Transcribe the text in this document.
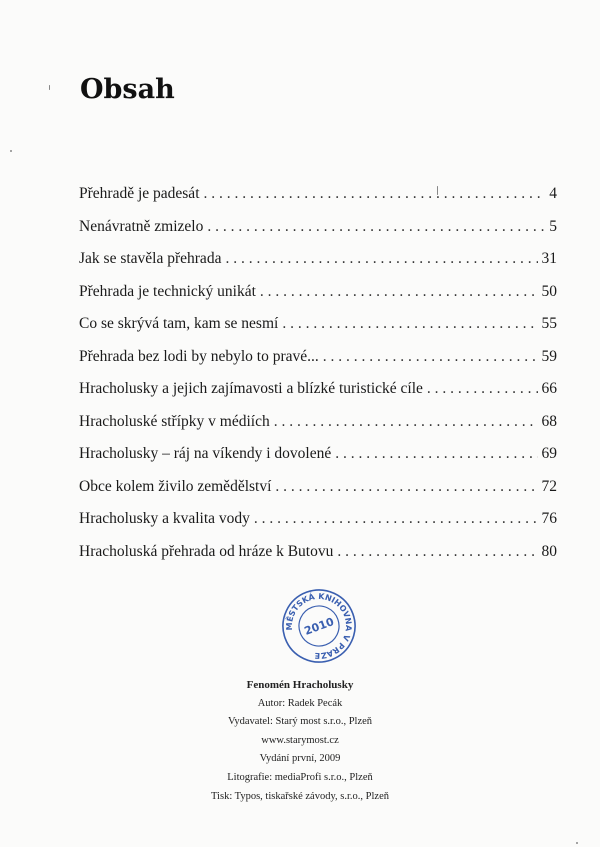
Obsah
Přehradě je padesát . . .	4
Nenávratně zmizelo . . .	5
Jak se stavěla přehrada . . .	31
Přehrada je technický unikát . . .	50
Co se skrývá tam, kam se nesmí . . .	55
Přehrada bez lodi by nebylo to pravé... . . .	59
Hracholusky a jejich zajímavosti a blízké turistické cíle . . .	66
Hracholuské střípky v médiích . . .	68
Hracholusky – ráj na víkendy i dovolené . . .	69
Obce kolem živilo zemědělství . . .	72
Hracholusky a kvalita vody . . .	76
Hracholuská přehrada od hráze k Butovu . . .	80
MĚSTSKÁ KNIHOVNA V PRAZE
2010
Fenomén Hracholusky
Autor: Radek Pecák
Vydavatel: Starý most s.r.o., Plzeň
www.starymost.cz
Vydání první, 2009
Litografie: mediaProfi s.r.o., Plzeň
Tisk: Typos, tiskařské závody, s.r.o., Plzeň
